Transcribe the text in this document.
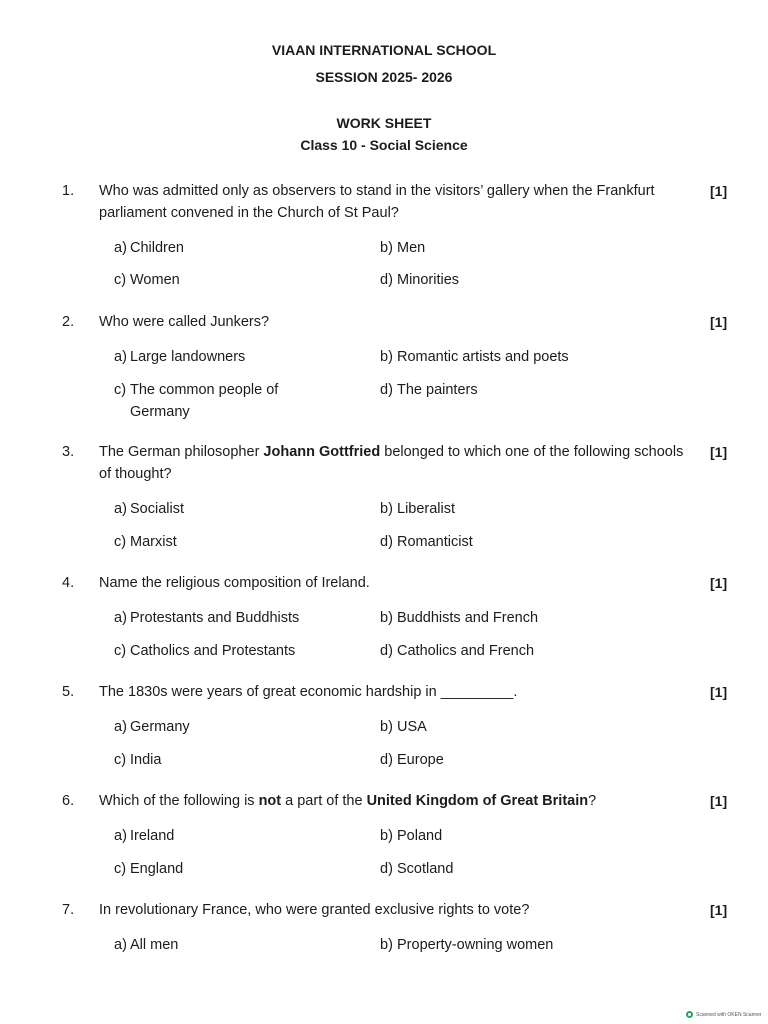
VIAAN INTERNATIONAL SCHOOL
SESSION 2025- 2026
WORK SHEET
Class 10 - Social Science
1. Who was admitted only as observers to stand in the visitors’ gallery when the Frankfurt parliament convened in the Church of St Paul?
[1]
a) Children	b) Men
c) Women	d) Minorities
2. Who were called Junkers?	[1]
a) Large landowners	b) Romantic artists and poets
c) The common people of Germany
d) The painters
3. The German philosopher Johann Gottfried belonged to which one of the following schools of thought?
[1]
a) Socialist	b) Liberalist
c) Marxist	d) Romanticist
4. Name the religious composition of Ireland.	[1]
a) Protestants and Buddhists	b) Buddhists and French
c) Catholics and Protestants	d) Catholics and French
5. The 1830s were years of great economic hardship in _________.	[1]
a) Germany	b) USA
c) India	d) Europe
6. Which of the following is not a part of the United Kingdom of Great Britain?	[1]
a) Ireland	b) Poland
c) England	d) Scotland
7. In revolutionary France, who were granted exclusive rights to vote?	[1]
a) All men	b) Property-owning women
Scanned with OKEN Scanner
